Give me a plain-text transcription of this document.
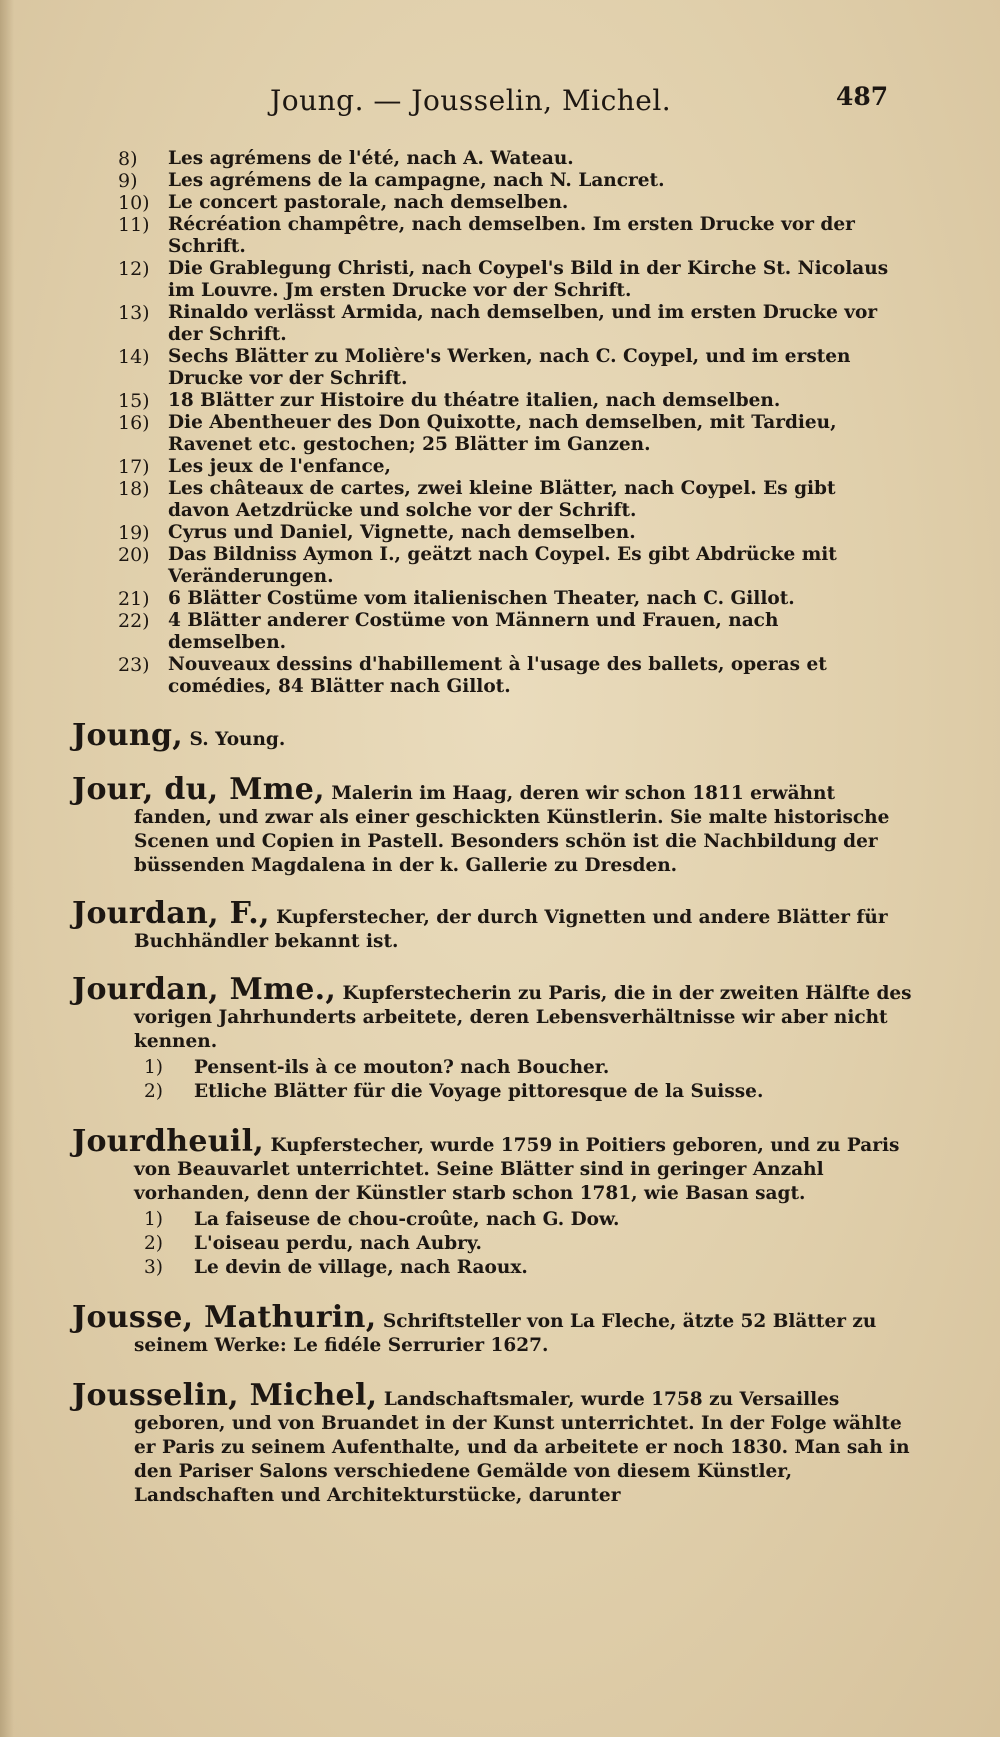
Joung. — Jousselin, Michel.	487
8)	Les agrémens de l'été, nach A. Wateau.
9)	Les agrémens de la campagne, nach N. Lancret.
10) Le concert pastorale, nach demselben.
11) Récréation champêtre, nach demselben. Im ersten Drucke vor der Schrift.
12) Die Grablegung Christi, nach Coypel's Bild in der Kirche St. Nicolaus im Louvre. Jm ersten Drucke vor der Schrift.
13) Rinaldo verlässt Armida, nach demselben, und im ersten Drucke vor der Schrift.
14) Sechs Blätter zu Molière's Werken, nach C. Coypel, und im ersten Drucke vor der Schrift.
15) 18 Blätter zur Histoire du théatre italien, nach demselben.
16) Die Abentheuer des Don Quixotte, nach demselben, mit Tardieu, Ravenet etc. gestochen; 25 Blätter im Ganzen.
17) Les jeux de l'enfance,
18) Les châteaux de cartes, zwei kleine Blätter, nach Coypel. Es gibt davon Aetzdrücke und solche vor der Schrift.
19) Cyrus und Daniel, Vignette, nach demselben.
20) Das Bildniss Aymon I., geätzt nach Coypel. Es gibt Abdrücke mit Veränderungen.
21) 6 Blätter Costüme vom italienischen Theater, nach C. Gillot.
22) 4 Blätter anderer Costüme von Männern und Frauen, nach demselben.
23) Nouveaux dessins d'habillement à l'usage des ballets, operas et comédies, 84 Blätter nach Gillot.
Joung, S. Young.
Jour, du, Mme, Malerin im Haag, deren wir schon 1811 erwähnt fanden, und zwar als einer geschickten Künstlerin. Sie malte historische Scenen und Copien in Pastell. Besonders schön ist die Nachbildung der büssenden Magdalena in der k. Gallerie zu Dresden.
Jourdan, F., Kupferstecher, der durch Vignetten und andere Blätter für Buchhändler bekannt ist.
Jourdan, Mme., Kupferstecherin zu Paris, die in der zweiten Hälfte des vorigen Jahrhunderts arbeitete, deren Lebensverhältnisse wir aber nicht kennen.
1)	Pensent-ils à ce mouton? nach Boucher.
2)	Etliche Blätter für die Voyage pittoresque de la Suisse.
Jourdheuil, Kupferstecher, wurde 1759 in Poitiers geboren, und zu Paris von Beauvarlet unterrichtet. Seine Blätter sind in geringer Anzahl vorhanden, denn der Künstler starb schon 1781, wie Basan sagt.
1)	La faiseuse de chou-croûte, nach G. Dow.
2)	L'oiseau perdu, nach Aubry.
3)	Le devin de village, nach Raoux.
Jousse, Mathurin, Schriftsteller von La Fleche, ätzte 52 Blätter zu seinem Werke: Le fidéle Serrurier 1627.
Jousselin, Michel, Landschaftsmaler, wurde 1758 zu Versailles geboren, und von Bruandet in der Kunst unterrichtet. In der Folge wählte er Paris zu seinem Aufenthalte, und da arbeitete er noch 1830. Man sah in den Pariser Salons verschiedene Gemälde von diesem Künstler, Landschaften und Architekturstücke, darunter
